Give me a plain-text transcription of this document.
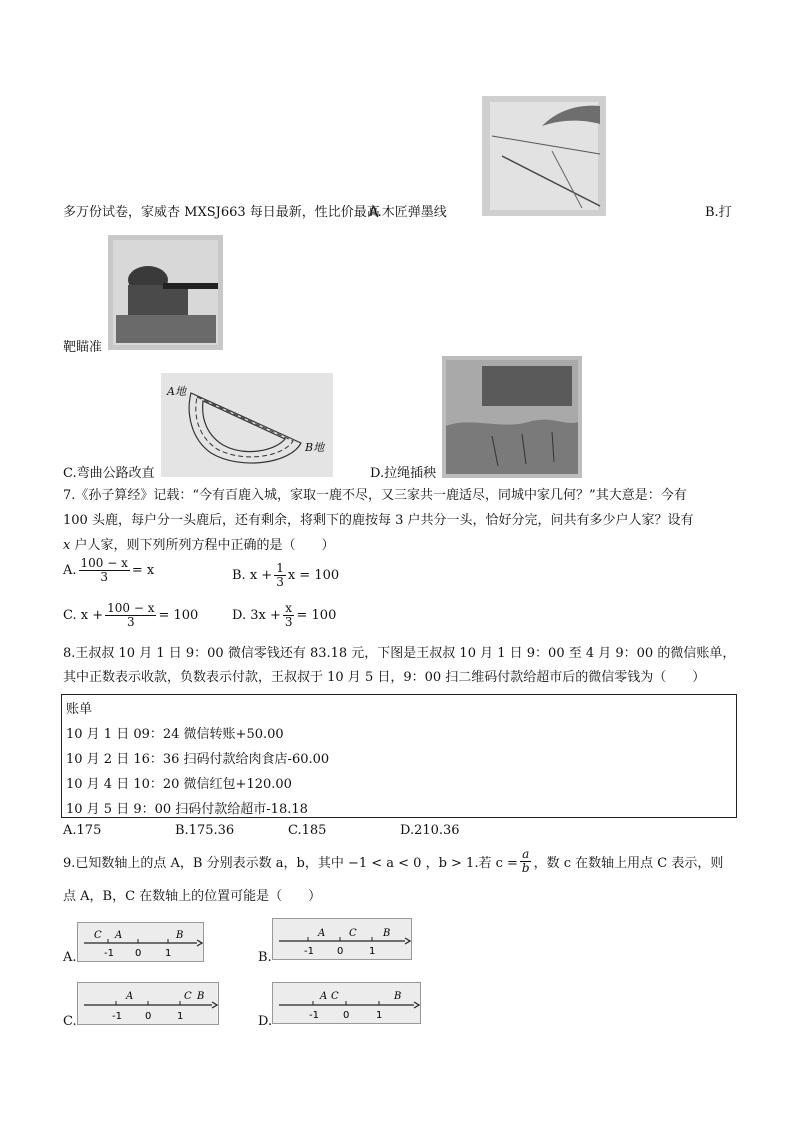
多万份试卷，家威杏 MXSJ663 每日最新，性比价最高
A.木匠弹墨线	B.打
靶瞄准
C.弯曲公路改直
A地
B地
D.拉绳插秧
7.《孙子算经》记载：“今有百鹿入城，家取一鹿不尽，又三家共一鹿适尽，同城中家几何？”其大意是：今有
100 头鹿，每户分一头鹿后，还有剩余，将剩下的鹿按每 3 户共分一头，恰好分完，问共有多少户人家？设有
x 户人家，则下列所列方程中正确的是（　　）
A. $\frac{100 - x}{3} = x$	B.
$x + \frac{1}{3}$ x = 100
C.
$x + \frac{100 - x}{3} = 100$	D.
$3x + \frac{x}{3} = 100$
8.王叔叔 10 月 1 日 9：00 微信零钱还有 83.18 元，下图是王叔叔 10 月 1 日 9：00 至 4 月 9：00 的微信账单，
其中正数表示收款，负数表示付款，王叔叔于 10 月 5 日，9：00 扫二维码付款给超市后的微信零钱为（　　）
账单
10 月 1 日 09：24 微信转账+50.00
10 月 2 日 16：36 扫码付款给肉食店-60.00
10 月 4 日 10：20 微信红包+120.00
10 月 5 日 9：00 扫码付款给超市-18.18
A.175	B.175.36	C.185	D.210.36
9.已知数轴上的点 A，B 分别表示数 a，b，其中 −1 < a < 0 ，b > 1.若 $c = \frac{a}{b}$ ，数 c 在数轴上用点 C 表示，则
点 A，B，C 在数轴上的位置可能是（　　）
A.	-1 0 1
C A	B
B.	-1 0	1
A C	B
C.	-1 0	1
A	C B
D.	-1 0	1
A C	B
